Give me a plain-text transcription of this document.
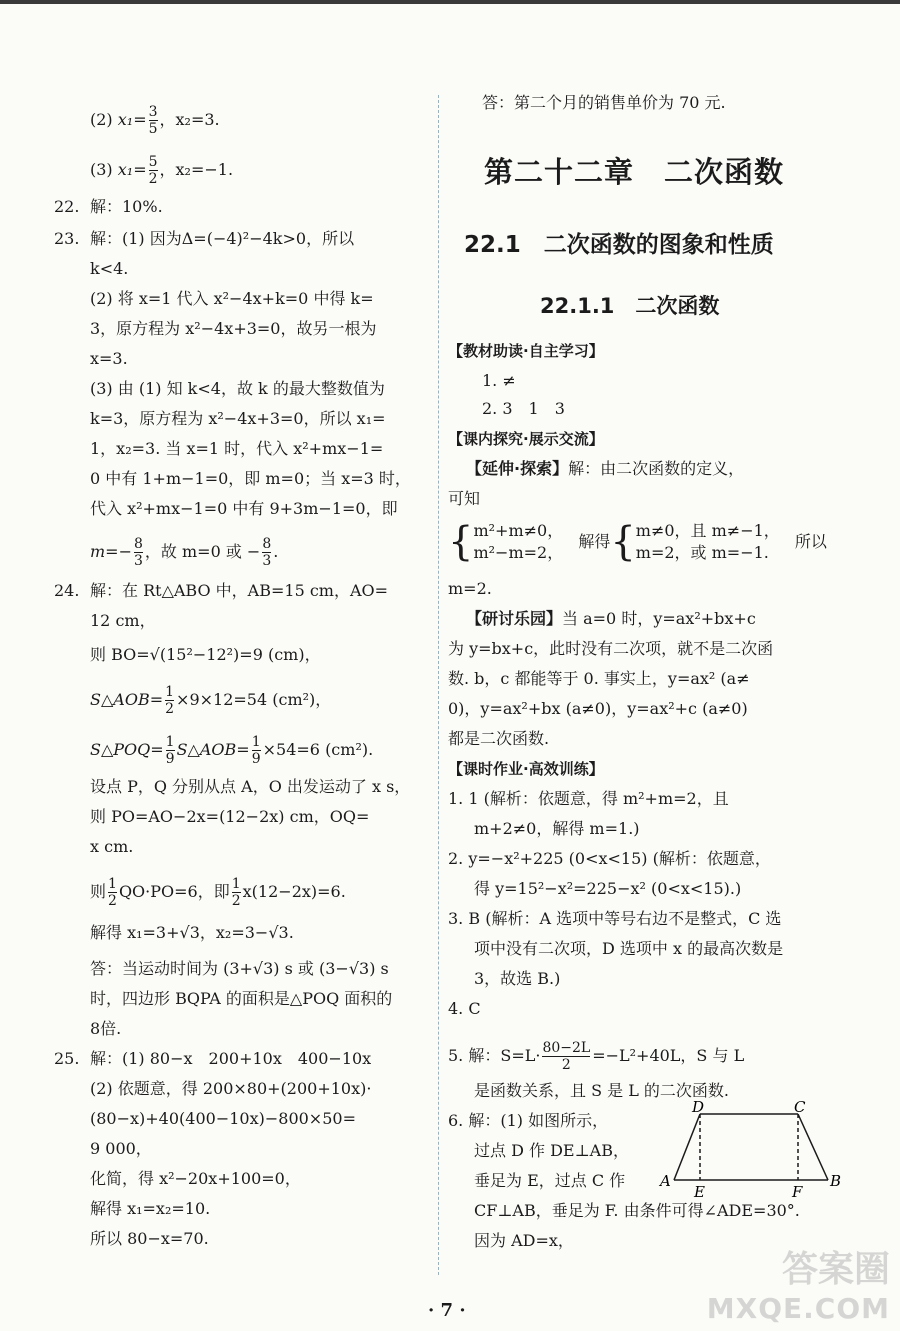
(2) $x_1= \frac{3}{5}$ ，x₂=3.
(3) $x_1= \frac{5}{2}$ ，x₂=−1.
22. 解：10%.
23. 解：(1) 因为Δ=(−4)²−4k>0，所以
k<4.
(2) 将 x=1 代入 x²−4x+k=0 中得 k=
3，原方程为 x²−4x+3=0，故另一根为
x=3.
(3) 由 (1) 知 k<4，故 k 的最大整数值为
k=3，原方程为 x²−4x+3=0，所以 x₁=
1，x₂=3. 当 x=1 时，代入 x²+mx−1=
0 中有 1+m−1=0，即 m=0；当 x=3 时，
代入 x²+mx−1=0 中有 9+3m−1=0，即
$m=- \frac{8}{3}$ ，故 m=0 或 − $\frac{8}{3}$ .
24. 解：在 Rt△ABO 中，AB=15 cm，AO=
12 cm，
则 BO=√(15²−12²)=9 (cm)，
S△AOB= $\frac{1}{2} \times 9\times 12=54$ (cm²)，
S△POQ= $\frac{1}{9}$ S△AOB= $\frac{1}{9} \times 54=6$ (cm²).
设点 P，Q 分别从点 A，O 出发运动了 x s，
则 PO=AO−2x=(12−2x) cm，OQ=
x cm.
则 $\frac{1}{2} QO\cdot PO=6$，即 $\frac{1}{2} x(12-2x)=6$.
解得 x₁=3+√3，x₂=3−√3.
答：当运动时间为 (3+√3) s 或 (3−√3) s
时，四边形 BQPA 的面积是△POQ 面积的
8倍.
25. 解：(1) 80−x　200+10x　400−10x
(2) 依题意，得 200×80+(200+10x)·
(80−x)+40(400−10x)−800×50=
9 000，
化简，得 x²−20x+100=0，
解得 x₁=x₂=10.
所以 80−x=70.
答：第二个月的销售单价为 70 元.
第二十二章　二次函数
22.1　二次函数的图象和性质
22.1.1　二次函数
【教材助读·自主学习】
1. ≠
2. 3　1　3
【课内探究·展示交流】
【延伸·探索】解：由二次函数的定义，
可知
{ m²+m≠0，
m²−m=2，
解得{ m≠0，且 m≠−1，
m=2，或 m=−1.
所以
m=2.
【研讨乐园】当 a=0 时，y=ax²+bx+c
为 y=bx+c，此时没有二次项，就不是二次函
数. b，c 都能等于 0. 事实上，y=ax² (a≠
0)，y=ax²+bx (a≠0)，y=ax²+c (a≠0)
都是二次函数.
【课时作业·高效训练】
1. 1 (解析：依题意，得 m²+m=2，且
m+2≠0，解得 m=1.)
2. y=−x²+225 (0<x<15) (解析：依题意，
得 y=15²−x²=225−x² (0<x<15).)
3. B (解析：A 选项中等号右边不是整式，C 选
项中没有二次项，D 选项中 x 的最高次数是
3，故选 B.)
4. C
5. 解：$S=L\cdot \frac{80-2L}{2} =-L^2+40L$，S 与 L
是函数关系，且 S 是 L 的二次函数.
6. 解：(1) 如图所示，
过点 D 作 DE⊥AB，
垂足为 E，过点 C 作
CF⊥AB，垂足为 F. 由条件可得∠ADE=30°.
因为 AD=x，
D	C
A	B
E	F
· 7 ·
答案圈
MXQE.COM
